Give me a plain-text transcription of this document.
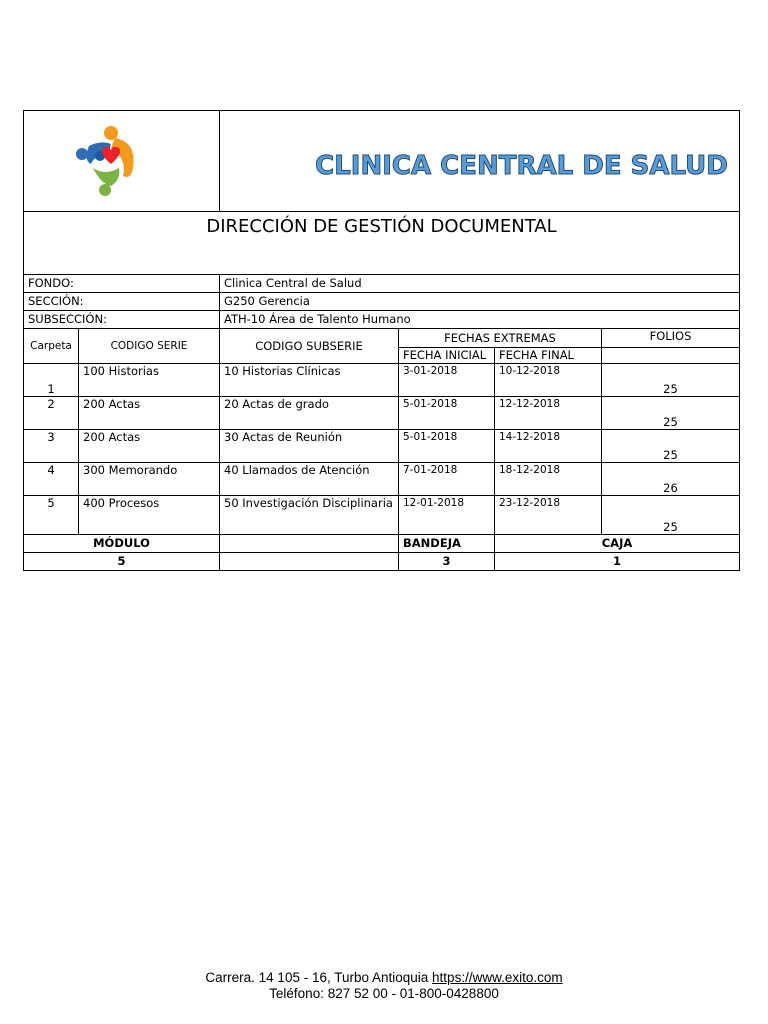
	CLINICA CENTRAL DE SALUD			
DIRECCIÓN DE GESTIÓN DOCUMENTAL					
FONDO:		Clinica Central de Salud			
SECCIÓN:		G250 Gerencia			
SUBSECCIÓN:		ATH-10 Área de Talento Humano			
Carpeta	CODIGO SERIE	CODIGO SUBSERIE	FECHAS EXTREMAS		FOLIOS
			FECHA INICIAL	FECHA FINAL	
1	100 Historias	10 Historias Clínicas	3-01-2018	10-12-2018	25
2	200 Actas	20 Actas de grado	5-01-2018	12-12-2018	25
3	200 Actas	30 Actas de Reunión	5-01-2018	14-12-2018	25
4	300 Memorando	40 Llamados de Atención	7-01-2018	18-12-2018	26
5	400 Procesos	50 Investigación Disciplinaria	12-01-2018	23-12-2018	25
MÓDULO			BANDEJA	CAJA	
5			3	1	
Carrera. 14 105 - 16, Turbo Antioquia https://www.exito.com
Teléfono: 827 52 00 - 01-800-0428800
